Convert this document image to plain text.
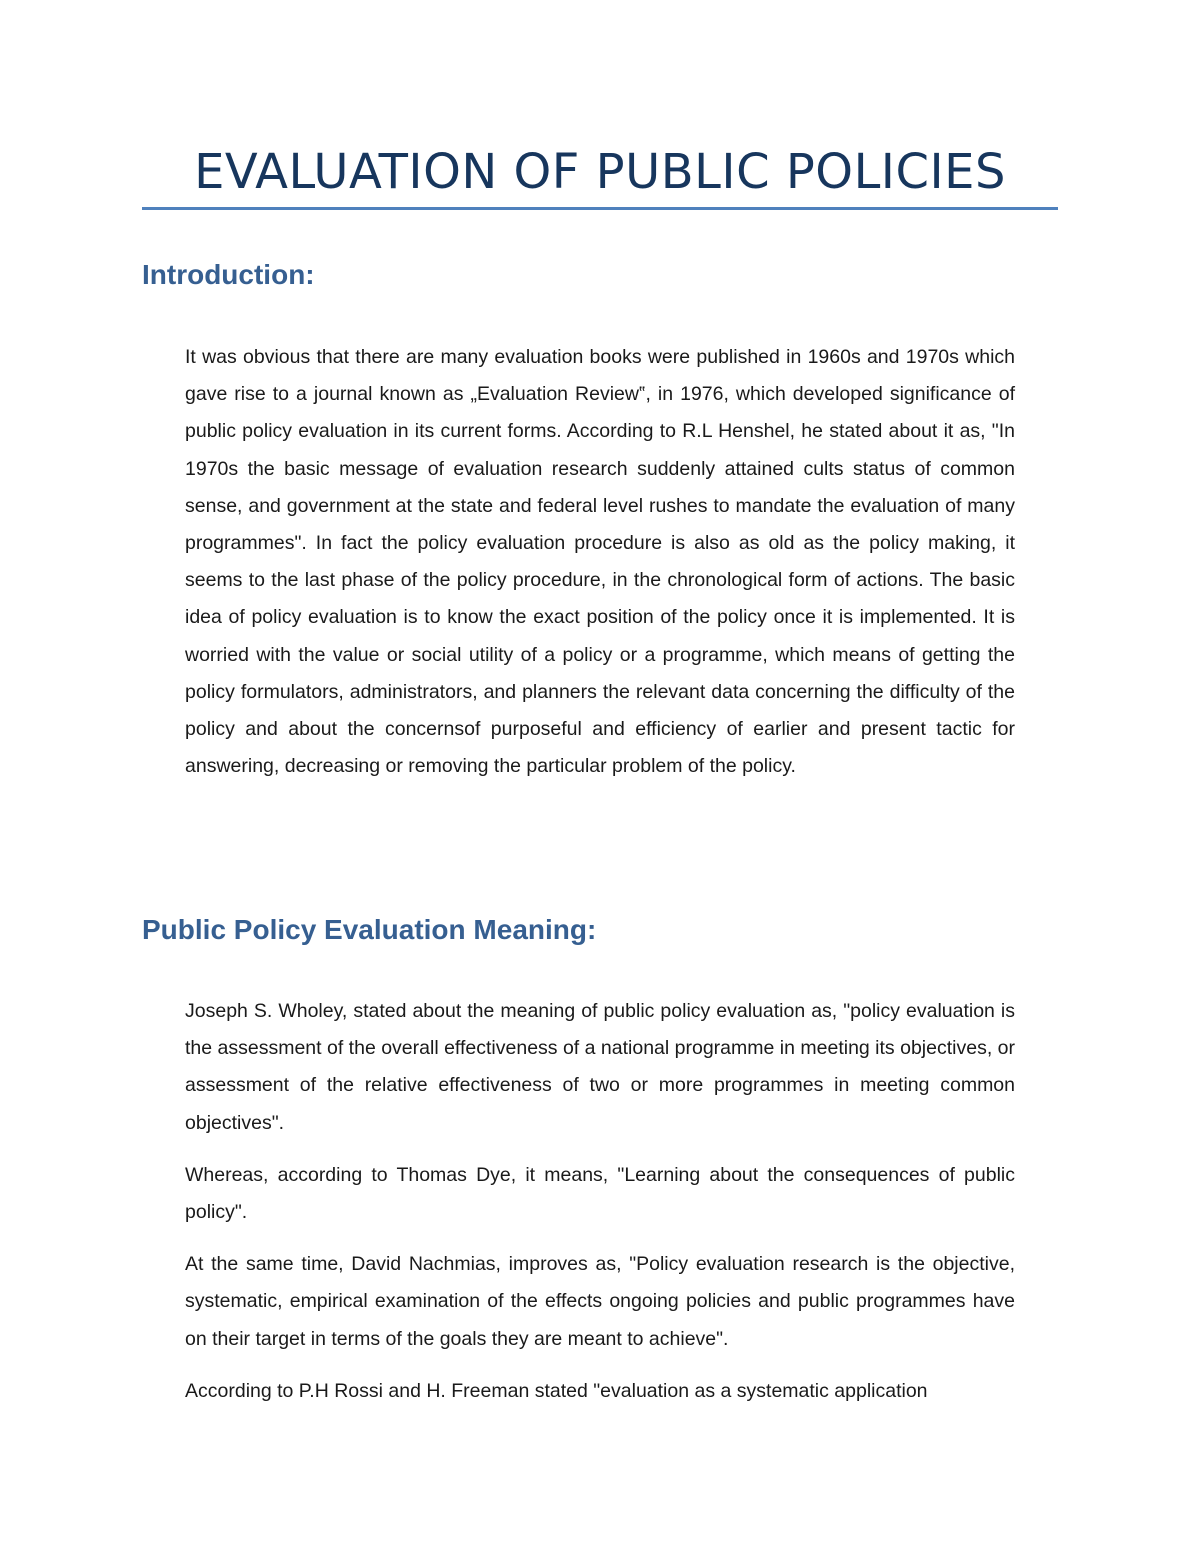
EVALUATION OF PUBLIC POLICIES
Introduction:

It was obvious that there are many evaluation books were published in 1960s and 1970s which gave rise to a journal known as „Evaluation Review‟, in 1976, which developed significance of public policy evaluation in its current forms. According to R.L Henshel, he stated about it as, "In 1970s the basic message of evaluation research suddenly attained cults status of common sense, and government at the state and federal level rushes to mandate the evaluation of many programmes". In fact the policy evaluation procedure is also as old as the policy making, it seems to the last phase of the policy procedure, in the chronological form of actions. The basic idea of policy evaluation is to know the exact position of the policy once it is implemented. It is worried with the value or social utility of a policy or a programme, which means of getting the policy formulators, administrators, and planners the relevant data concerning the difficulty of the policy and about the concernsof purposeful and efficiency of earlier and present tactic for answering, decreasing or removing the particular problem of the policy.

Public Policy Evaluation Meaning:

Joseph S. Wholey, stated about the meaning of public policy evaluation as, "policy evaluation is the assessment of the overall effectiveness of a national programme in meeting its objectives, or assessment of the relative effectiveness of two or more programmes in meeting common objectives".

Whereas, according to Thomas Dye, it means, "Learning about the consequences of public policy".

At the same time, David Nachmias, improves as, "Policy evaluation research is the objective, systematic, empirical examination of the effects ongoing policies and public programmes have on their target in terms of the goals they are meant to achieve".

According to P.H Rossi and H. Freeman stated "evaluation as a systematic application
